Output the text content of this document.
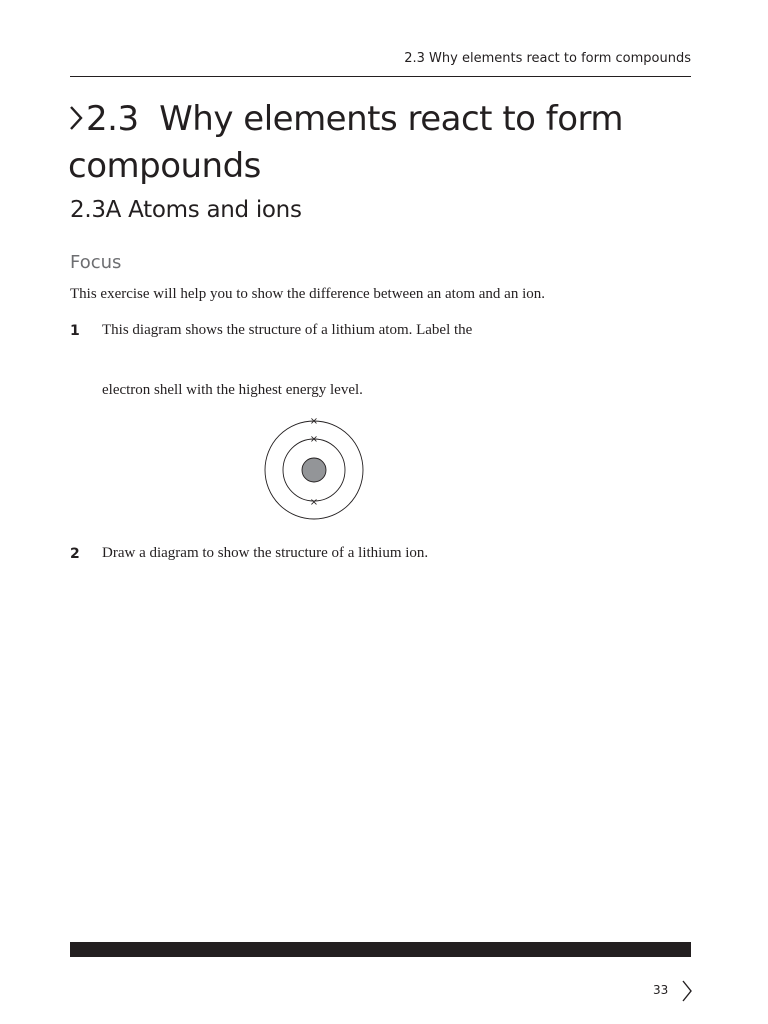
2.3 Why elements react to form compounds
2.3  Why elements react to form
compounds
2.3A Atoms and ions
Focus

This exercise will help you to show the difference between an atom and an ion.

1 This diagram shows the structure of a lithium atom. Label the

electron shell with the highest energy level.

×
×
×
2 Draw a diagram to show the structure of a lithium ion.

33
